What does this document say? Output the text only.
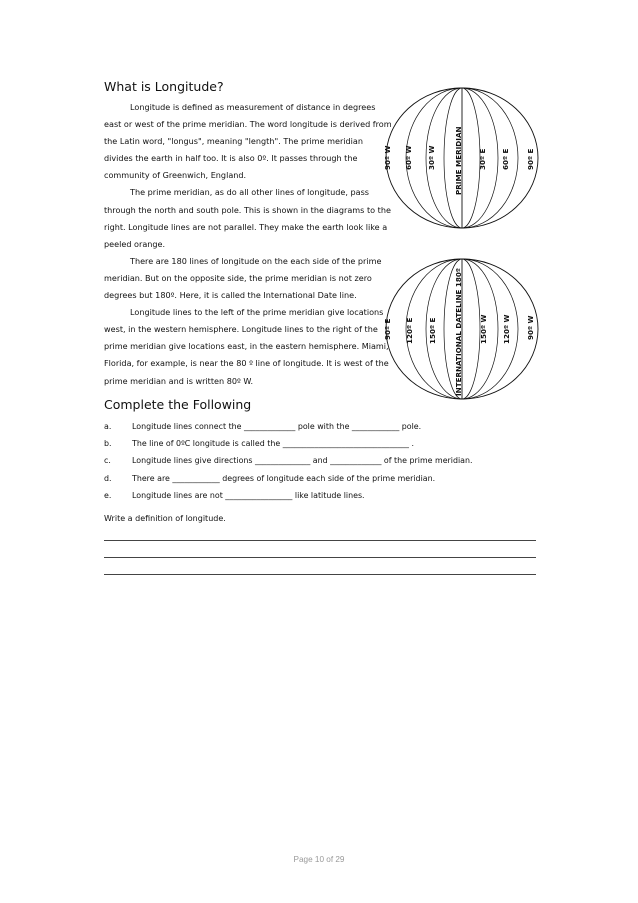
What is Longitude?

Longitude is defined as measurement of distance in degrees east or west of the prime meridian. The word longitude is derived from the Latin word, "longus", meaning "length". The prime meridian divides the earth in half too. It is also 0º. It passes through the community of Greenwich, England.

The prime meridian, as do all other lines of longitude, pass through the north and south pole. This is shown in the diagrams to the right. Longitude lines are not parallel. They make the earth look like a peeled orange.

There are 180 lines of longitude on the each side of the prime meridian. But on the opposite side, the prime meridian is not zero degrees but 180º. Here, it is called the International Date line.

Longitude lines to the left of the prime meridian give locations west, in the western hemisphere. Longitude lines to the right of the prime meridian give locations east, in the eastern hemisphere. Miami, Florida, for example, is near the 80 º line of longitude. It is west of the prime meridian and is written 80º W.

90º W 60º W 30º W	PRIME MERIDIAN 30º E 60º E 90º E
90º E 120º E 150º E INTERNATIONAL DATELINE 180º 150º W 120º W 90º W
Complete the Following
a.	Longitude lines connect the _____________ pole with the ____________ pole.
b.	The line of 0ºC longitude is called the ________________________________ .
c.	Longitude lines give directions ______________ and _____________ of the prime meridian.
d.	There are ____________ degrees of longitude each side of the prime meridian.
e.	Longitude lines are not _________________ like latitude lines.
Write a definition of longitude.
Page 10 of 29
